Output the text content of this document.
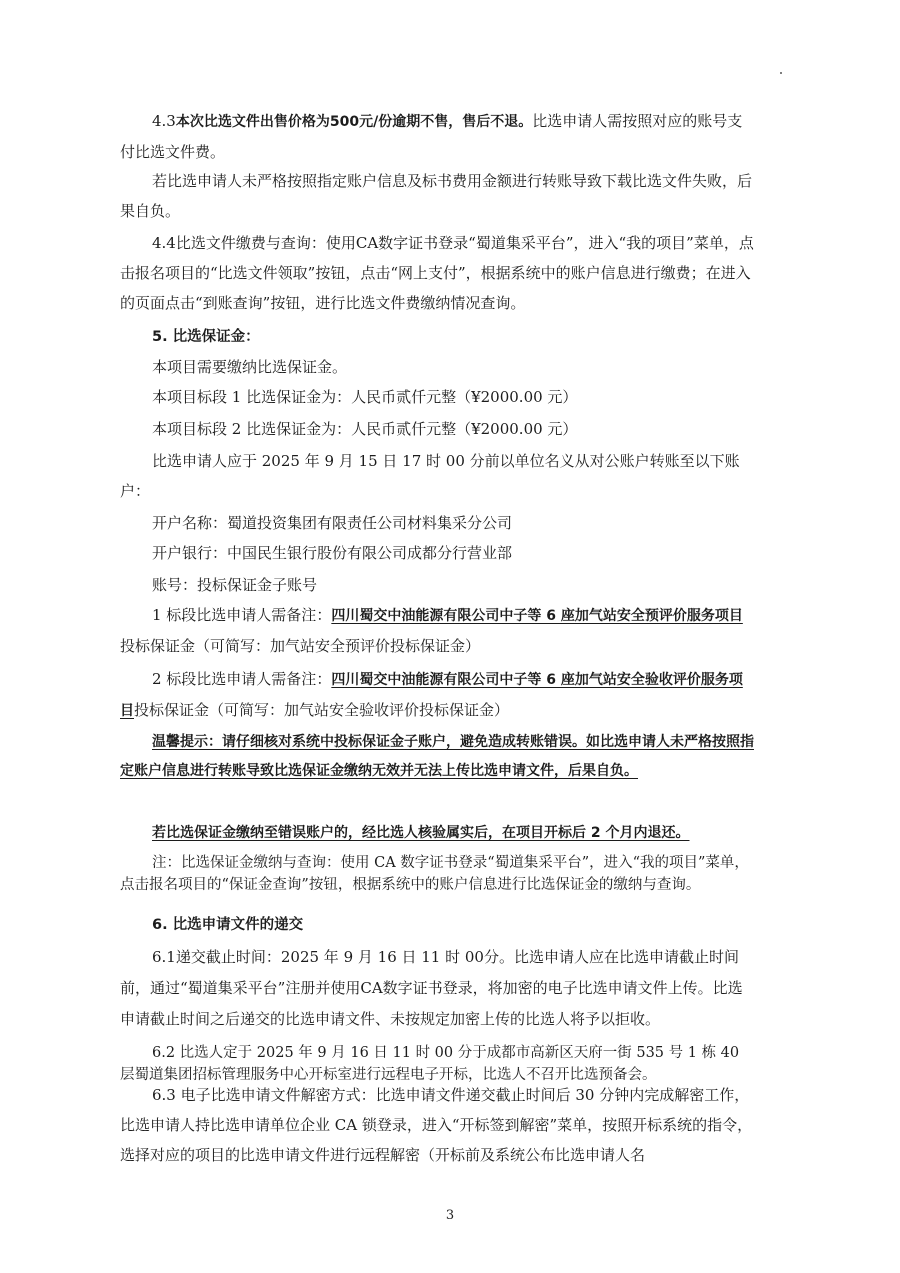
4.3本次比选文件出售价格为500元/份逾期不售，售后不退。比选申请人需按照对应的账号支付比选文件费。

若比选申请人未严格按照指定账户信息及标书费用金额进行转账导致下载比选文件失败，后果自负。

4.4比选文件缴费与查询：使用CA数字证书登录“蜀道集采平台”，进入“我的项目”菜单，点击报名项目的“比选文件领取”按钮，点击“网上支付”，根据系统中的账户信息进行缴费；在进入的页面点击“到账查询”按钮，进行比选文件费缴纳情况查询。

5. 比选保证金：

本项目需要缴纳比选保证金。

本项目标段 1 比选保证金为：人民币贰仟元整（¥2000.00 元）

本项目标段 2 比选保证金为：人民币贰仟元整（¥2000.00 元）

比选申请人应于 2025 年 9 月 15 日 17 时 00 分前以单位名义从对公账户转账至以下账户：

开户名称：蜀道投资集团有限责任公司材料集采分公司

开户银行：中国民生银行股份有限公司成都分行营业部

账号：投标保证金子账号

1 标段比选申请人需备注：四川蜀交中油能源有限公司中子等 6 座加气站安全预评价服务项目投标保证金（可简写：加气站安全预评价投标保证金）

2 标段比选申请人需备注：四川蜀交中油能源有限公司中子等 6 座加气站安全验收评价服务项目投标保证金（可简写：加气站安全验收评价投标保证金）

温馨提示：请仔细核对系统中投标保证金子账户，避免造成转账错误。如比选申请人未严格按照指定账户信息进行转账导致比选保证金缴纳无效并无法上传比选申请文件，后果自负。

若比选保证金缴纳至错误账户的，经比选人核验属实后，在项目开标后 2 个月内退还。

注：比选保证金缴纳与查询：使用 CA 数字证书登录“蜀道集采平台”，进入“我的项目”菜单，点击报名项目的“保证金查询”按钮，根据系统中的账户信息进行比选保证金的缴纳与查询。

6. 比选申请文件的递交

6.1递交截止时间：2025 年 9 月 16 日 11 时 00分。比选申请人应在比选申请截止时间前，通过“蜀道集采平台”注册并使用CA数字证书登录，将加密的电子比选申请文件上传。比选申请截止时间之后递交的比选申请文件、未按规定加密上传的比选人将予以拒收。

6.2 比选人定于 2025 年 9 月 16 日 11 时 00 分于成都市高新区天府一街 535 号 1 栋 40 层蜀道集团招标管理服务中心开标室进行远程电子开标，比选人不召开比选预备会。

6.3 电子比选申请文件解密方式：比选申请文件递交截止时间后 30 分钟内完成解密工作，比选申请人持比选申请单位企业 CA 锁登录，进入“开标签到解密”菜单，按照开标系统的指令，选择对应的项目的比选申请文件进行远程解密（开标前及系统公布比选申请人名

3
